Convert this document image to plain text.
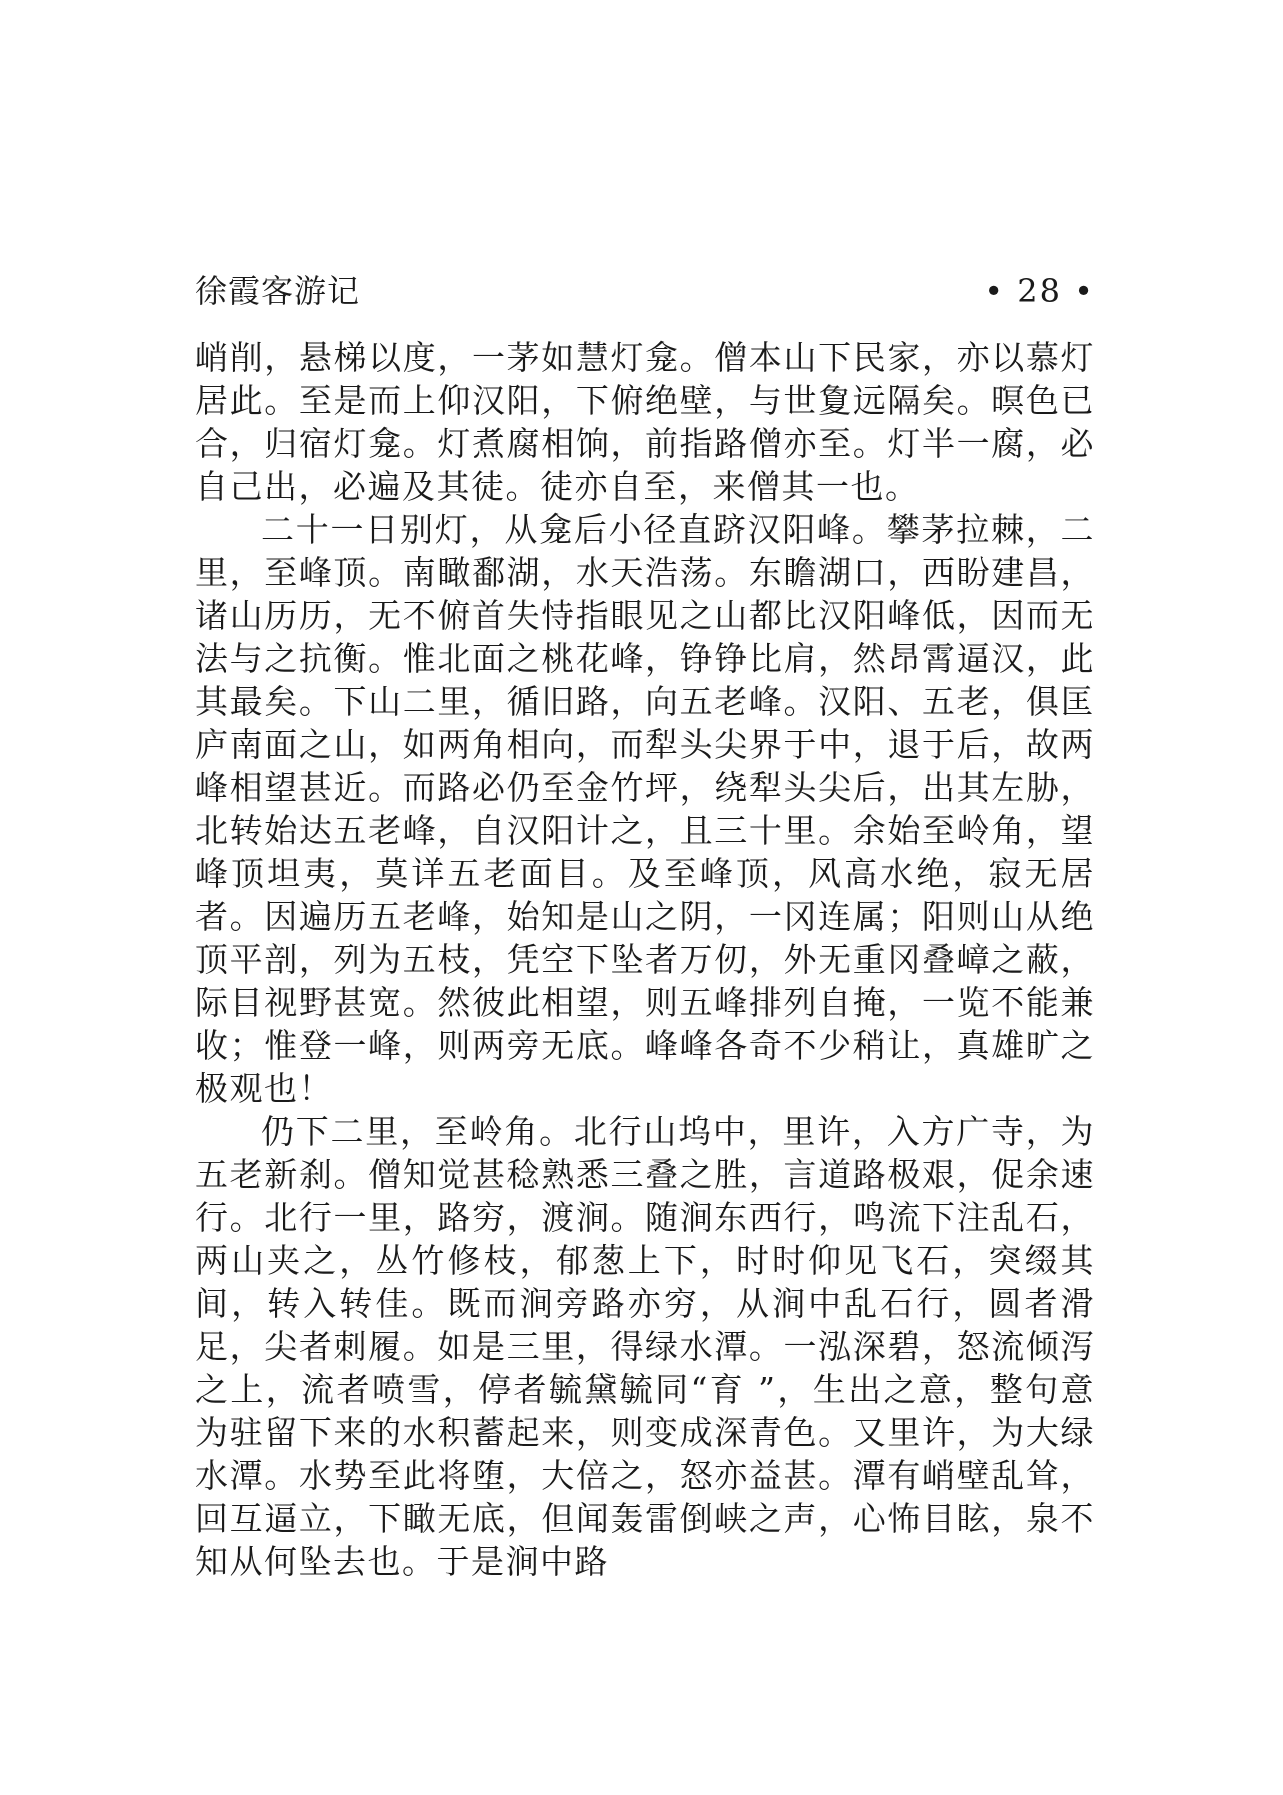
徐霞客游记	• 28 •

峭削，悬梯以度，一茅如慧灯龛。僧本山下民家，亦以慕灯居此。至是而上仰汉阳，下俯绝壁，与世夐远隔矣。暝色已合，归宿灯龛。灯煮腐相饷，前指路僧亦至。灯半一腐，必自己出，必遍及其徒。徒亦自至，来僧其一也。

二十一日别灯，从龛后小径直跻汉阳峰。攀茅拉棘，二里，至峰顶。南瞰鄱湖，水天浩荡。东瞻湖口，西盼建昌，诸山历历，无不俯首失恃指眼见之山都比汉阳峰低，因而无法与之抗衡。惟北面之桃花峰，铮铮比肩，然昂霄逼汉，此其最矣。下山二里，循旧路，向五老峰。汉阳、五老，俱匡庐南面之山，如两角相向，而犁头尖界于中，退于后，故两峰相望甚近。而路必仍至金竹坪，绕犁头尖后，出其左胁，北转始达五老峰，自汉阳计之，且三十里。余始至岭角，望峰顶坦夷，莫详五老面目。及至峰顶，风高水绝，寂无居者。因遍历五老峰，始知是山之阴，一冈连属；阳则山从绝顶平剖，列为五枝，凭空下坠者万仞，外无重冈叠嶂之蔽，际目视野甚宽。然彼此相望，则五峰排列自掩，一览不能兼收；惟登一峰，则两旁无底。峰峰各奇不少稍让，真雄旷之极观也！

仍下二里，至岭角。北行山坞中，里许，入方广寺，为五老新刹。僧知觉甚稔熟悉三叠之胜，言道路极艰，促余速行。北行一里，路穷，渡涧。随涧东西行，鸣流下注乱石，两山夹之，丛竹修枝，郁葱上下，时时仰见飞石，突缀其间，转入转佳。既而涧旁路亦穷，从涧中乱石行，圆者滑足，尖者刺履。如是三里，得绿水潭。一泓深碧，怒流倾泻之上，流者喷雪，停者毓黛毓同“育 ”，生出之意，整句意为驻留下来的水积蓄起来，则变成深青色。又里许，为大绿水潭。水势至此将堕，大倍之，怒亦益甚。潭有峭壁乱耸，回互逼立，下瞰无底，但闻轰雷倒峡之声，心怖目眩，泉不知从何坠去也。于是涧中路
